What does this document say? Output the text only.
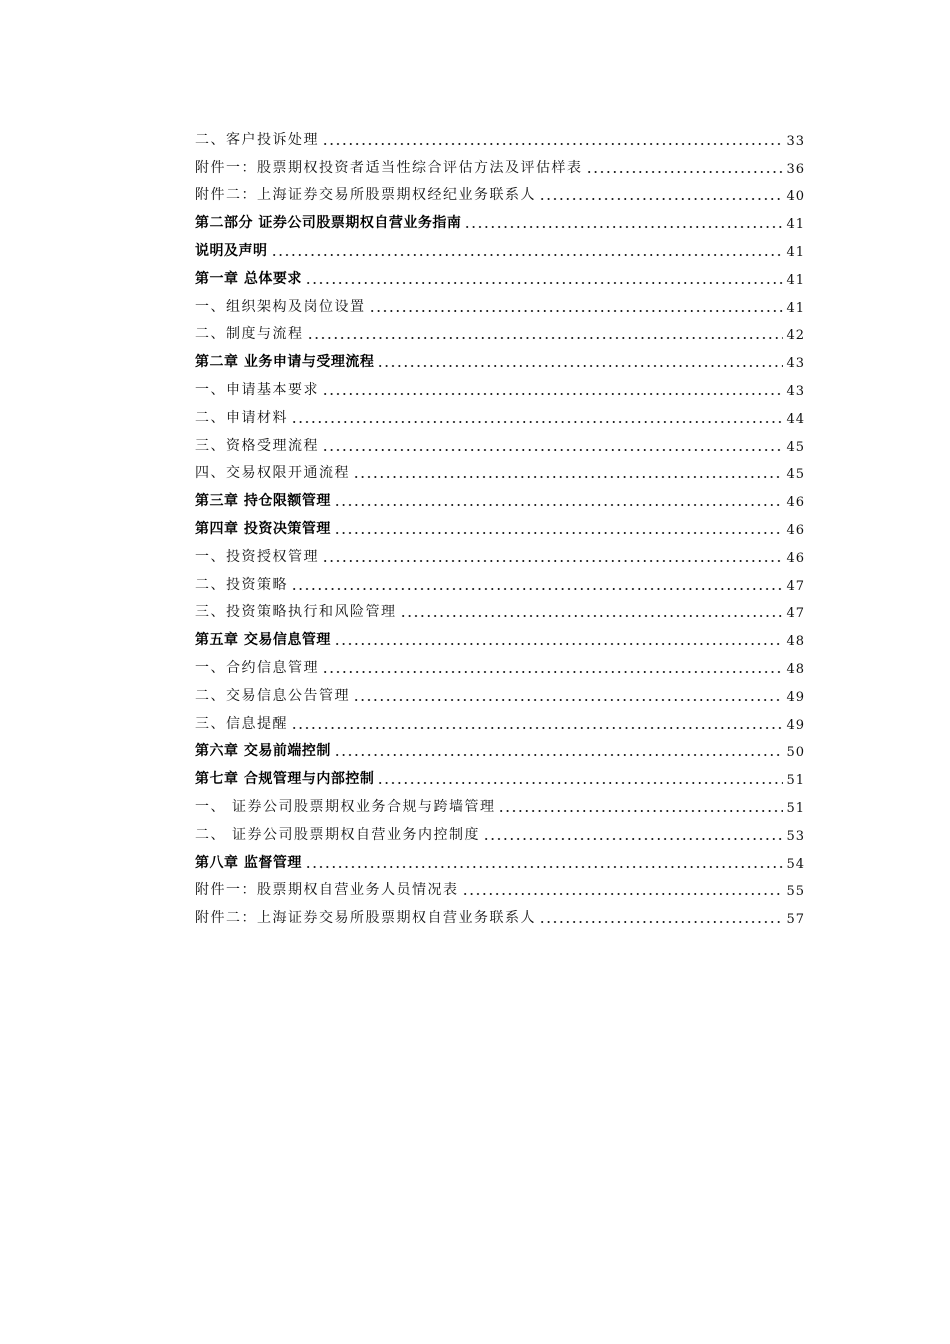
二、客户投诉处理	33
附件一：股票期权投资者适当性综合评估方法及评估样表	36
附件二：上海证券交易所股票期权经纪业务联系人	40
第二部分 证券公司股票期权自营业务指南	41
说明及声明	41
第一章 总体要求	41
一、组织架构及岗位设置	41
二、制度与流程	42
第二章 业务申请与受理流程	43
一、申请基本要求	43
二、申请材料	44
三、资格受理流程	45
四、交易权限开通流程	45
第三章 持仓限额管理	46
第四章 投资决策管理	46
一、投资授权管理	46
二、投资策略	47
三、投资策略执行和风险管理	47
第五章 交易信息管理	48
一、合约信息管理	48
二、交易信息公告管理	49
三、信息提醒	49
第六章 交易前端控制	50
第七章 合规管理与内部控制	51
一、 证券公司股票期权业务合规与跨墙管理	51
二、 证券公司股票期权自营业务内控制度	53
第八章 监督管理	54
附件一：股票期权自营业务人员情况表	55
附件二：上海证券交易所股票期权自营业务联系人	57
